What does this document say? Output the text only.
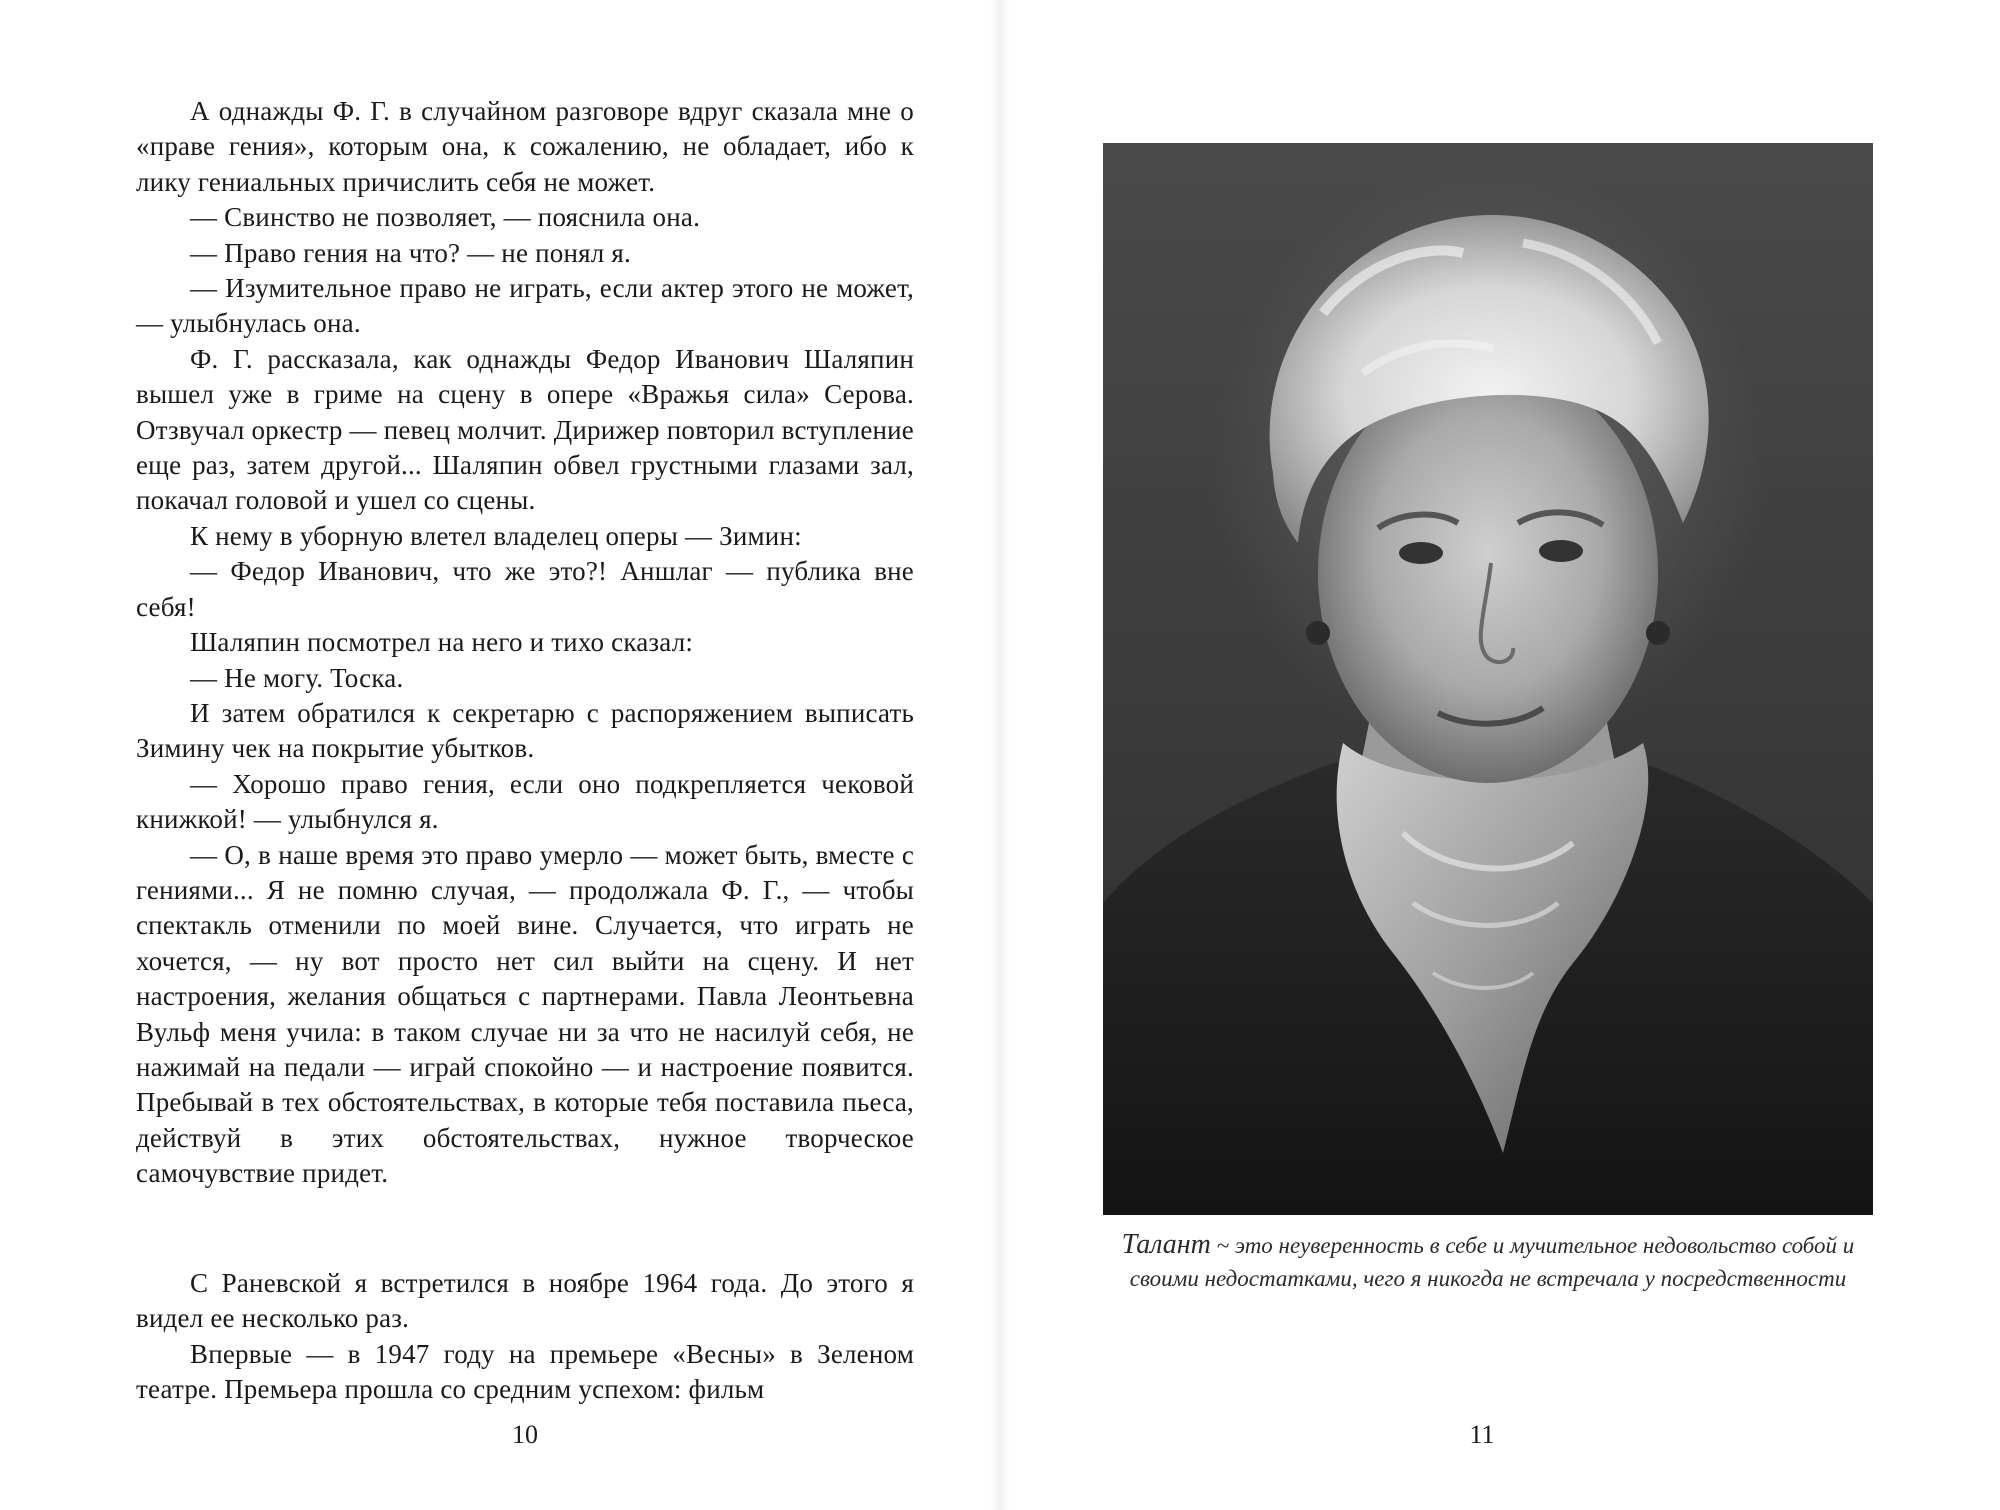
А однажды Ф. Г. в случайном разговоре вдруг сказала мне о «праве гения», которым она, к сожалению, не обладает, ибо к лику гениальных причислить себя не может.

— Свинство не позволяет, — пояснила она.

— Право гения на что? — не понял я.

— Изумительное право не играть, если актер этого не может, — улыбнулась она.

Ф. Г. рассказала, как однажды Федор Иванович Шаляпин вышел уже в гриме на сцену в опере «Вражья сила» Серова. Отзвучал оркестр — певец молчит. Дирижер повторил вступление еще раз, затем другой... Шаляпин обвел грустными глазами зал, покачал головой и ушел со сцены.

К нему в уборную влетел владелец оперы — Зимин:

— Федор Иванович, что же это?! Аншлаг — публика вне себя!

Шаляпин посмотрел на него и тихо сказал:

— Не могу. Тоска.

И затем обратился к секретарю с распоряжением выписать Зимину чек на покрытие убытков.

— Хорошо право гения, если оно подкрепляется чековой книжкой! — улыбнулся я.

— О, в наше время это право умерло — может быть, вместе с гениями... Я не помню случая, — продолжала Ф. Г., — чтобы спектакль отменили по моей вине. Случается, что играть не хочется, — ну вот просто нет сил выйти на сцену. И нет настроения, желания общаться с партнерами. Павла Леонтьевна Вульф меня учила: в таком случае ни за что не насилуй себя, не нажимай на педали — играй спокойно — и настроение появится. Пребывай в тех обстоятельствах, в которые тебя поставила пьеса, действуй в этих обстоятельствах, нужное творческое самочувствие придет.

С Раневской я встретился в ноябре 1964 года. До этого я видел ее несколько раз.

Впервые — в 1947 году на премьере «Весны» в Зеленом театре. Премьера прошла со средним успехом: фильм

10
Талант ~ это неуверенность в себе и мучительное недовольство собой и своими недостатками, чего я никогда не встречала у посредственности
11
